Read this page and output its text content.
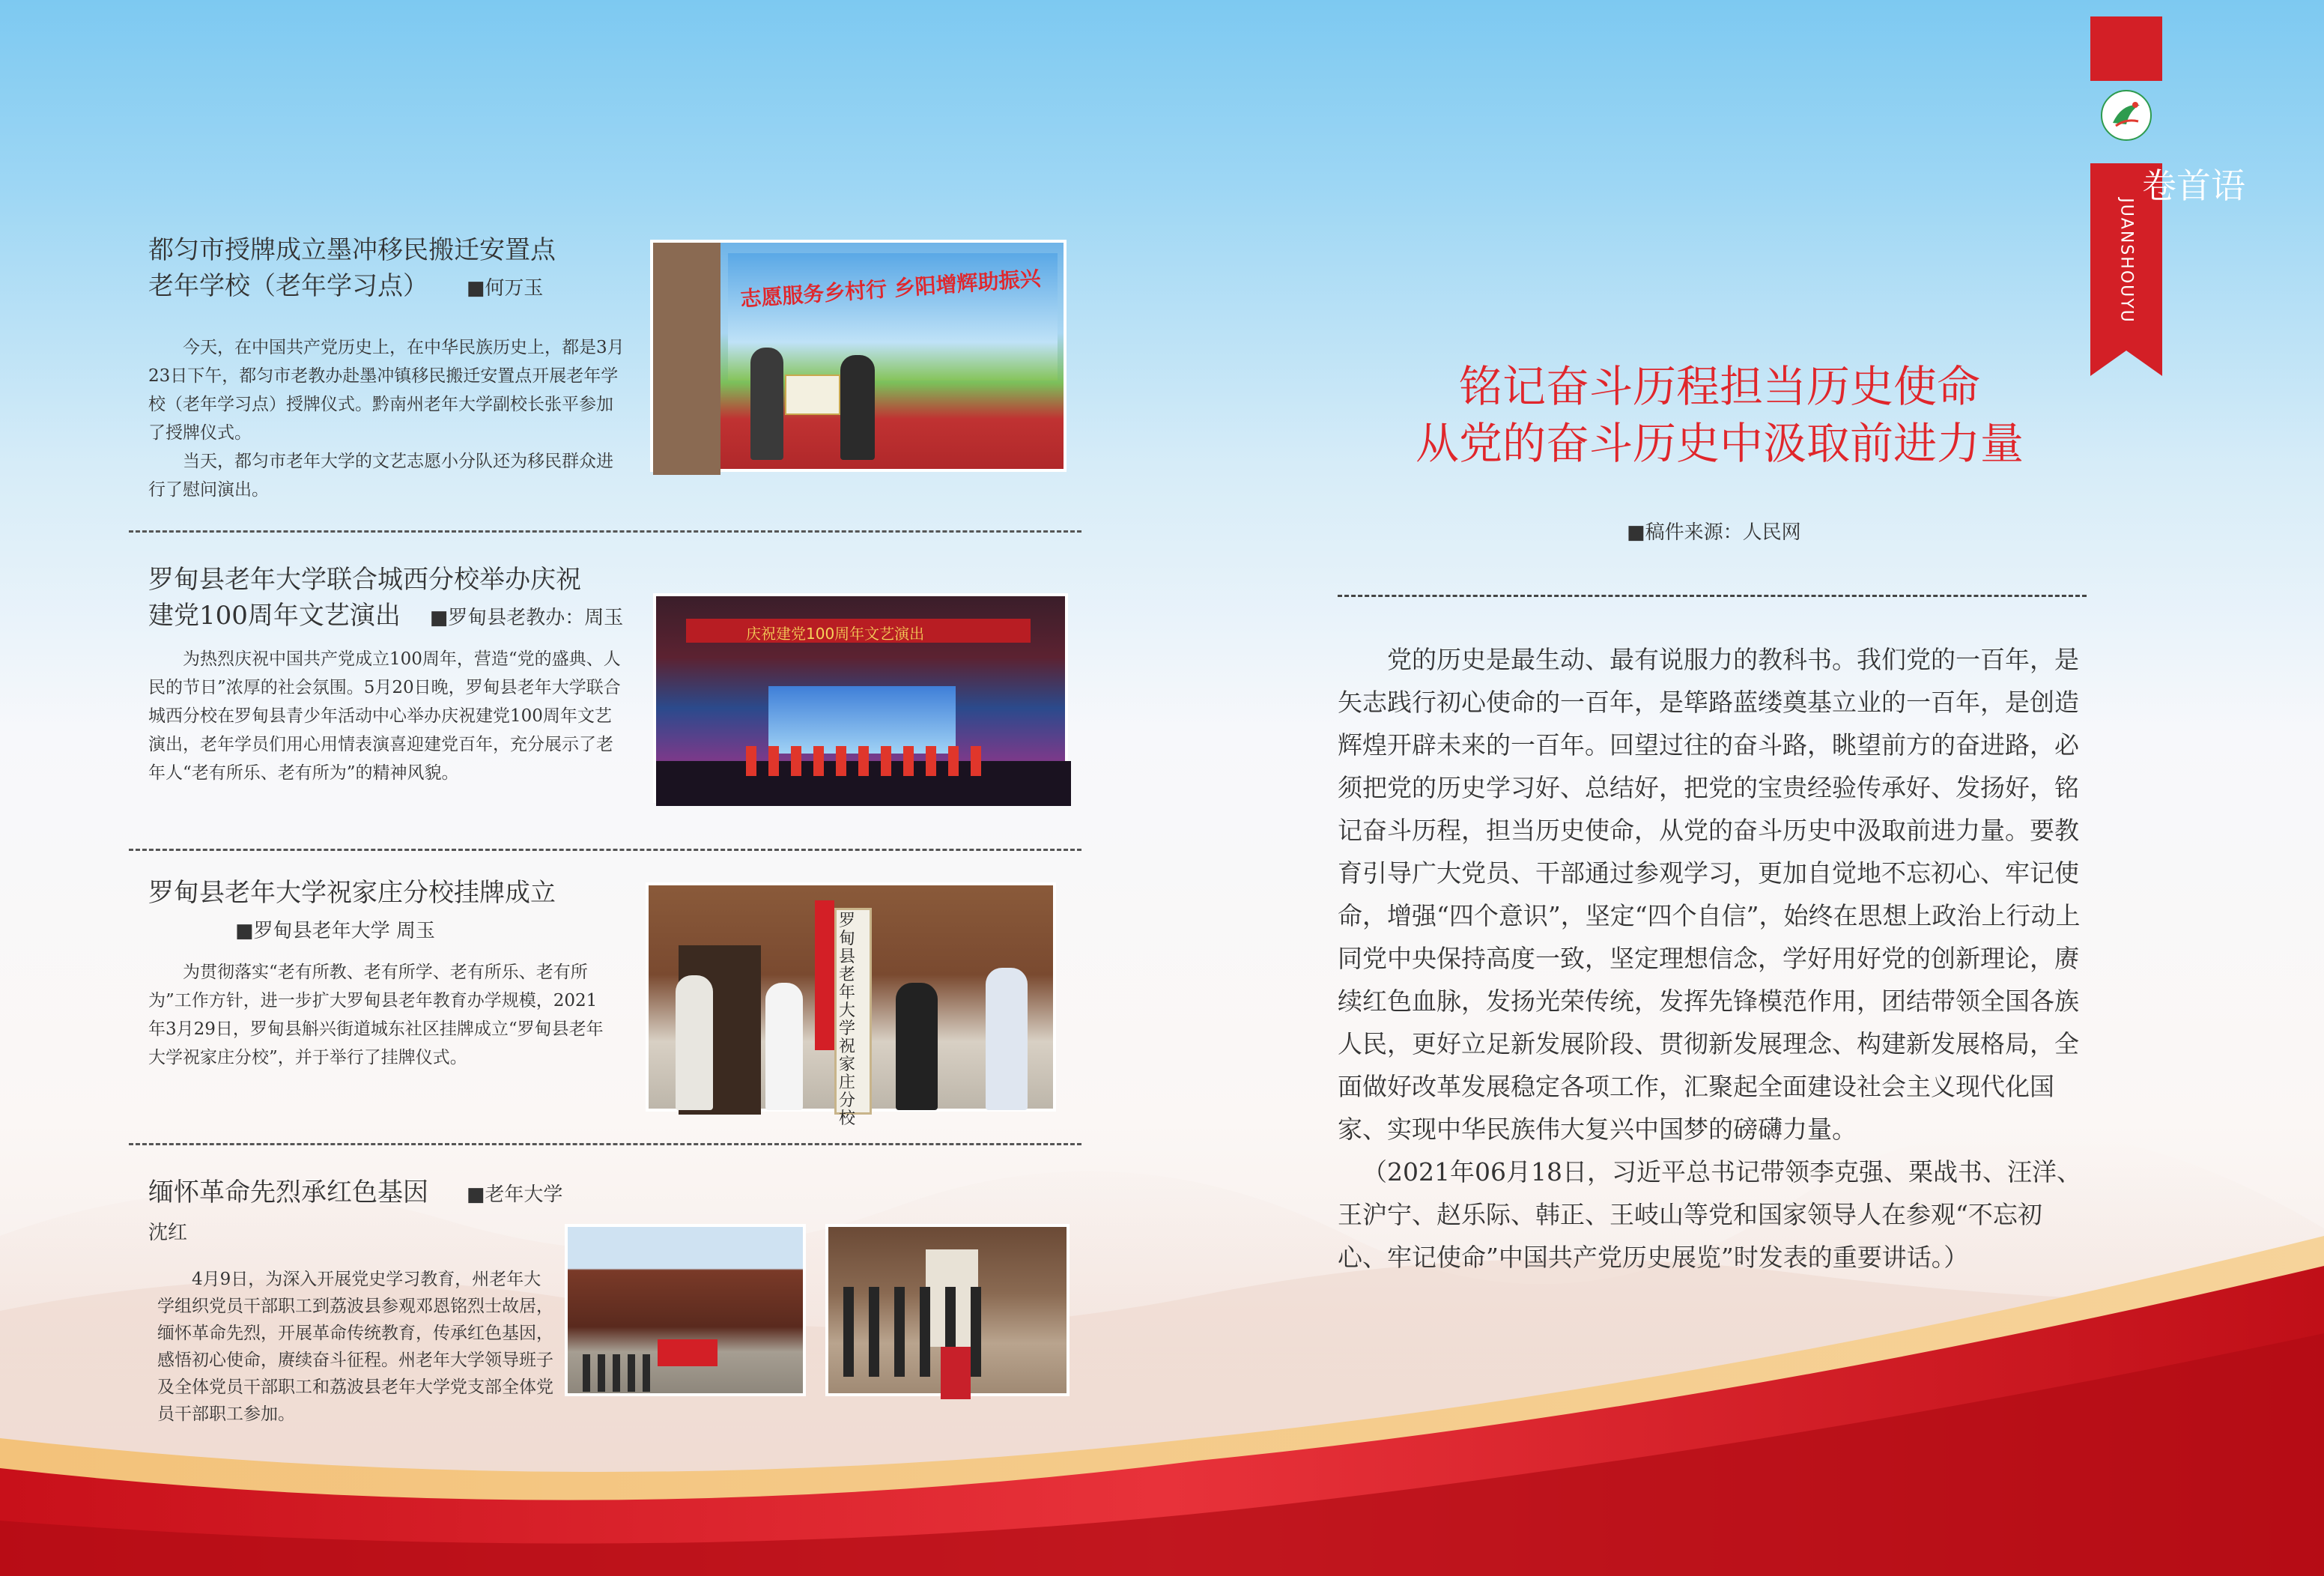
卷首语
JUANSHOUYU
都匀市授牌成立墨冲移民搬迁安置点
老年学校（老年学习点） ■何万玉

今天，在中国共产党历史上，在中华民族历史上，都是3月23日下午，都匀市老教办赴墨冲镇移民搬迁安置点开展老年学校（老年学习点）授牌仪式。黔南州老年大学副校长张平参加了授牌仪式。

当天，都匀市老年大学的文艺志愿小分队还为移民群众进行了慰问演出。

志愿服务乡村行 乡阳增辉助振兴
罗甸县老年大学联合城西分校举办庆祝
建党100周年文艺演出 ■罗甸县老教办：周玉

为热烈庆祝中国共产党成立100周年，营造“党的盛典、人民的节日”浓厚的社会氛围。5月20日晚，罗甸县老年大学联合城西分校在罗甸县青少年活动中心举办庆祝建党100周年文艺演出，老年学员们用心用情表演喜迎建党百年，充分展示了老年人“老有所乐、老有所为”的精神风貌。

庆祝建党100周年文艺演出
罗甸县老年大学祝家庄分校挂牌成立
■罗甸县老年大学 周玉

为贯彻落实“老有所教、老有所学、老有所乐、老有所为”工作方针，进一步扩大罗甸县老年教育办学规模，2021年3月29日，罗甸县斛兴街道城东社区挂牌成立“罗甸县老年大学祝家庄分校”，并于举行了挂牌仪式。

罗甸县老年大学祝家庄分校
缅怀革命先烈承红色基因 ■老年大学 沈红

4月9日，为深入开展党史学习教育，州老年大学组织党员干部职工到荔波县参观邓恩铭烈士故居，缅怀革命先烈，开展革命传统教育，传承红色基因，感悟初心使命，赓续奋斗征程。州老年大学领导班子及全体党员干部职工和荔波县老年大学党支部全体党员干部职工参加。

铭记奋斗历程担当历史使命

从党的奋斗历史中汲取前进力量

■稿件来源：人民网

党的历史是最生动、最有说服力的教科书。我们党的一百年，是矢志践行初心使命的一百年，是筚路蓝缕奠基立业的一百年，是创造辉煌开辟未来的一百年。回望过往的奋斗路，眺望前方的奋进路，必须把党的历史学习好、总结好，把党的宝贵经验传承好、发扬好，铭记奋斗历程，担当历史使命，从党的奋斗历史中汲取前进力量。要教育引导广大党员、干部通过参观学习，更加自觉地不忘初心、牢记使命，增强“四个意识”，坚定“四个自信”，始终在思想上政治上行动上同党中央保持高度一致，坚定理想信念，学好用好党的创新理论，赓续红色血脉，发扬光荣传统，发挥先锋模范作用，团结带领全国各族人民，更好立足新发展阶段、贯彻新发展理念、构建新发展格局，全面做好改革发展稳定各项工作，汇聚起全面建设社会主义现代化国家、实现中华民族伟大复兴中国梦的磅礴力量。

（2021年06月18日，习近平总书记带领李克强、栗战书、汪洋、王沪宁、赵乐际、韩正、王岐山等党和国家领导人在参观“不忘初心、牢记使命”中国共产党历史展览”时发表的重要讲话。）
